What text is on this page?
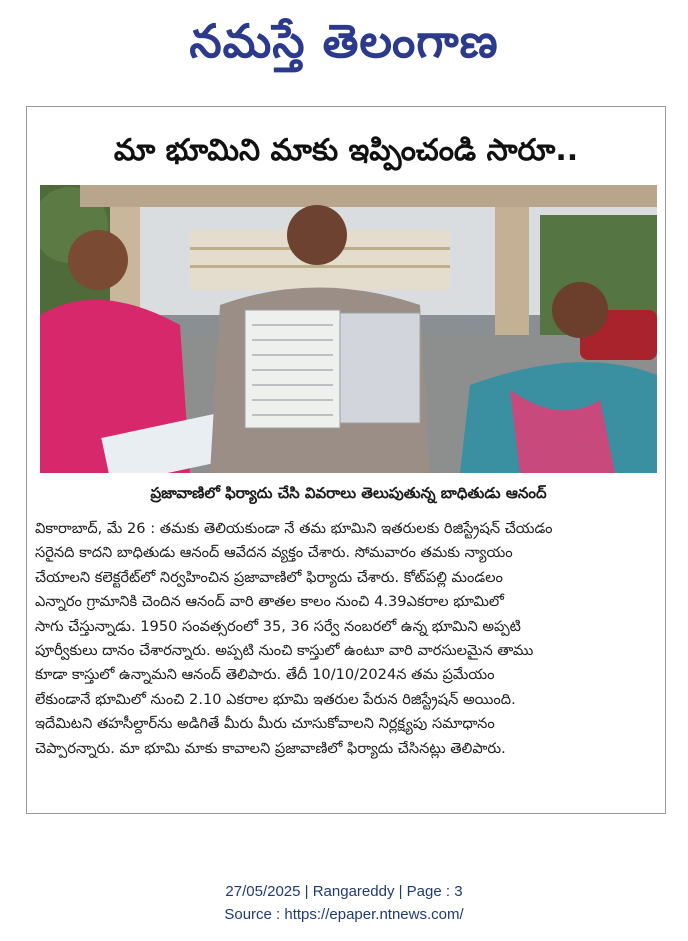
నమస్తే తెలంగాణ
మా భూమిని మాకు ఇప్పించండి సారూ..
ప్రజావాణిలో ఫిర్యాదు చేసి వివరాలు తెలుపుతున్న బాధితుడు ఆనంద్
వికారాబాద్, మే 26 : తమకు తెలియకుండా నే తమ భూమిని ఇతరులకు రిజిస్ట్రేషన్ చేయడం
సరైనది కాదని బాధితుడు ఆనంద్ ఆవేదన వ్యక్తం చేశారు. సోమవారం తమకు న్యాయం
చేయాలని కలెక్టరేట్‌లో నిర్వహించిన ప్రజావాణిలో ఫిర్యాదు చేశారు. కోట్‌పల్లి మండలం
ఎన్నారం గ్రామానికి చెందిన ఆనంద్ వారి తాతల కాలం నుంచి 4.39ఎకరాల భూమిలో
సాగు చేస్తున్నాడు. 1950 సంవత్సరంలో 35, 36 సర్వే నంబరలో ఉన్న భూమిని అప్పటి
పూర్వీకులు దానం చేశారన్నారు. అప్పటి నుంచి కాస్తులో ఉంటూ వారి వారసులమైన తాము
కూడా కాస్తులో ఉన్నామని ఆనంద్ తెలిపారు. తేదీ 10/10/2024న తమ ప్రమేయం
లేకుండానే భూమిలో నుంచి 2.10 ఎకరాల భూమి ఇతరుల పేరున రిజిస్ట్రేషన్ అయింది.
ఇదేమిటని తహసీల్దార్‌ను అడిగితే మీరు మీరు చూసుకోవాలని నిర్లక్ష్యపు సమాధానం
చెప్పారన్నారు. మా భూమి మాకు కావాలని ప్రజావాణిలో ఫిర్యాదు చేసినట్లు తెలిపారు.
27/05/2025 | Rangareddy | Page : 3
Source : https://epaper.ntnews.com/
